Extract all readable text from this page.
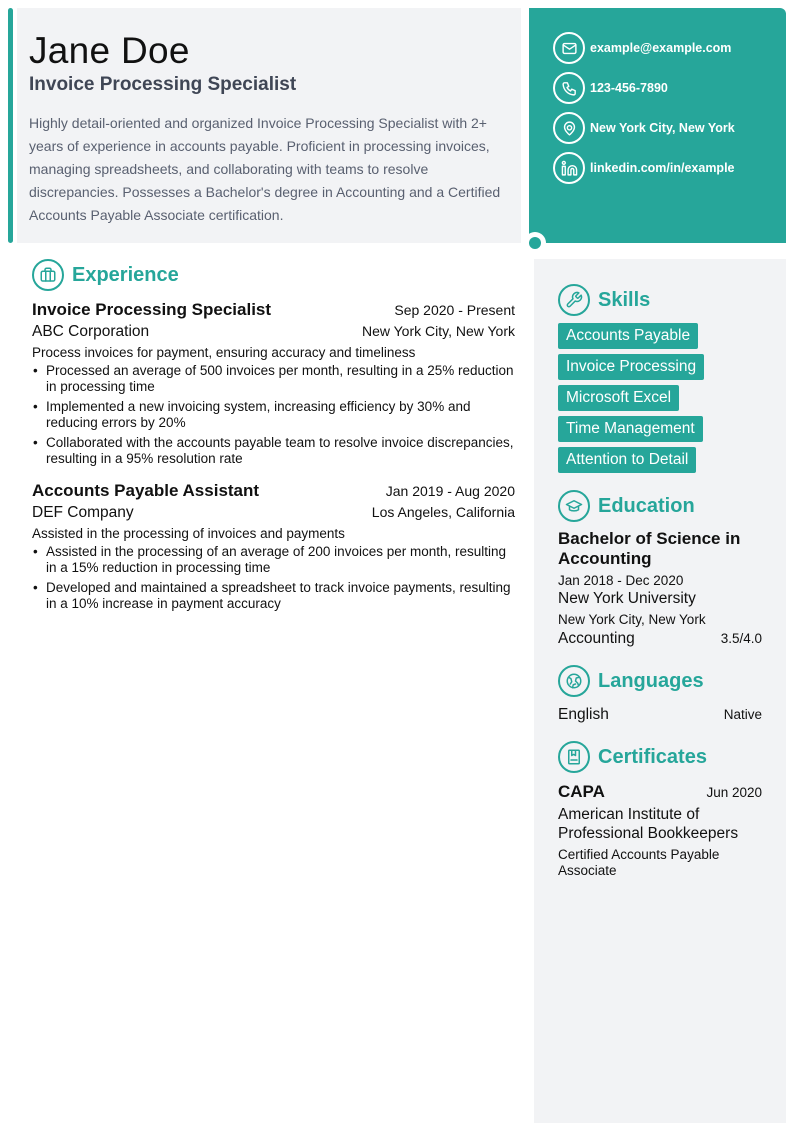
Jane Doe
Invoice Processing Specialist
Highly detail-oriented and organized Invoice Processing Specialist with 2+ years of experience in accounts payable. Proficient in processing invoices, managing spreadsheets, and collaborating with teams to resolve discrepancies. Possesses a Bachelor's degree in Accounting and a Certified Accounts Payable Associate certification.
example@example.com
123-456-7890
New York City, New York
linkedin.com/in/example
Experience
Invoice Processing Specialist	Sep 2020 - Present
ABC Corporation	New York City, New York
Process invoices for payment, ensuring accuracy and timeliness
• Processed an average of 500 invoices per month, resulting in a 25% reduction in processing time
• Implemented a new invoicing system, increasing efficiency by 30% and reducing errors by 20%
• Collaborated with the accounts payable team to resolve invoice discrepancies, resulting in a 95% resolution rate
Accounts Payable Assistant	Jan 2019 - Aug 2020
DEF Company	Los Angeles, California
Assisted in the processing of invoices and payments
• Assisted in the processing of an average of 200 invoices per month, resulting in a 15% reduction in processing time
• Developed and maintained a spreadsheet to track invoice payments, resulting in a 10% increase in payment accuracy
Skills
Accounts Payable
Invoice Processing
Microsoft Excel
Time Management
Attention to Detail
Education
Bachelor of Science in Accounting
Jan 2018 - Dec 2020
New York University
New York City, New York
Accounting	3.5/4.0
Languages
English	Native
Certificates
CAPA	Jun 2020
American Institute of Professional Bookkeepers
Certified Accounts Payable Associate
